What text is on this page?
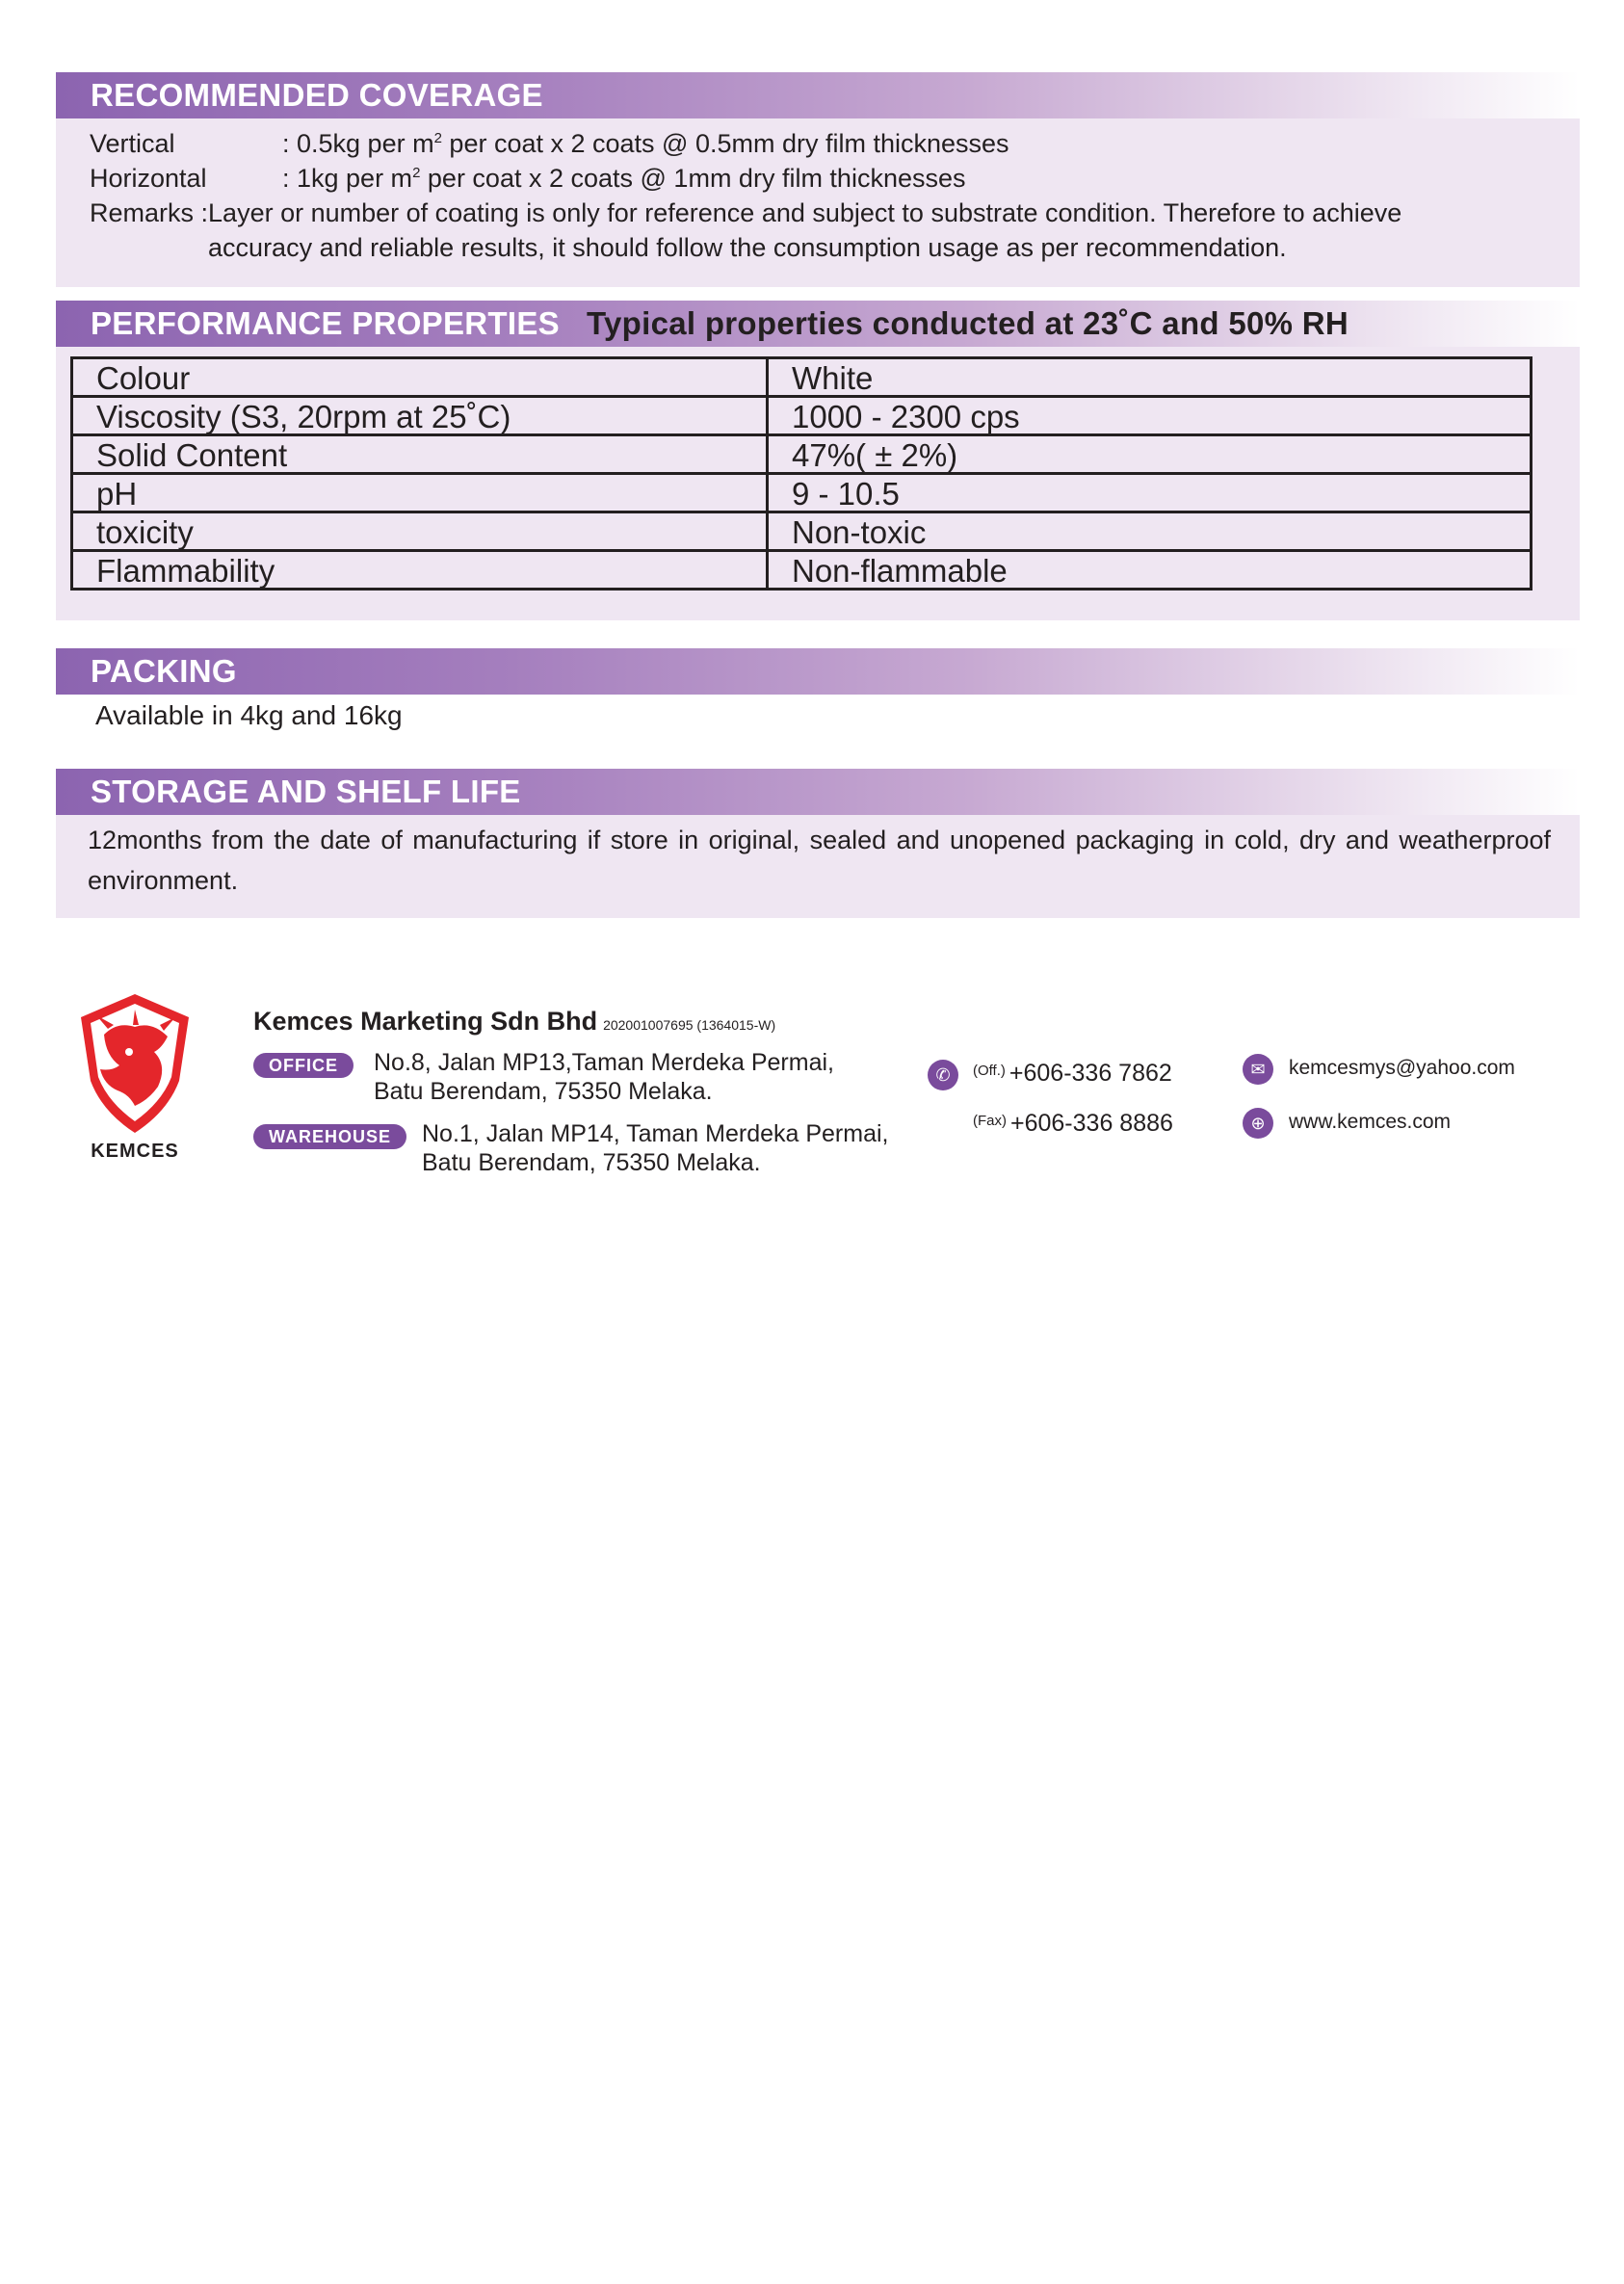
RECOMMENDED COVERAGE
Vertical	: 0.5kg per $m^2$ per coat x 2 coats @ 0.5mm dry film thicknesses
Horizontal	: 1kg per $m^2$ per coat x 2 coats @ 1mm dry film thicknesses
Remarks : Layer or number of coating is only for reference and subject to substrate condition. Therefore to achieve accuracy and reliable results, it should follow the consumption usage as per recommendation.
PERFORMANCE PROPERTIES Typical properties conducted at 23˚C and 50% RH
Colour	White
Viscosity (S3, 20rpm at 25˚C)	1000 - 2300 cps
Solid Content	47%( ± 2%)
pH	9 - 10.5
toxicity	Non-toxic
Flammability	Non-flammable
PACKING
Available in 4kg and 16kg
STORAGE AND SHELF LIFE
12months from the date of manufacturing if store in original, sealed and unopened packaging in cold, dry and weatherproof environment.
KEMCES
Kemces Marketing Sdn Bhd 202001007695 (1364015-W)
OFFICE	No.8, Jalan MP13,Taman Merdeka Permai,
Batu Berendam, 75350 Melaka.
WAREHOUSE	No.1, Jalan MP14, Taman Merdeka Permai,
Batu Berendam, 75350 Melaka.
✆	$^{(Off.)}$ +606-336 7862
$^{(Fax)}$ +606-336 8886
✉	kemcesmys@yahoo.com
⊕	www.kemces.com
